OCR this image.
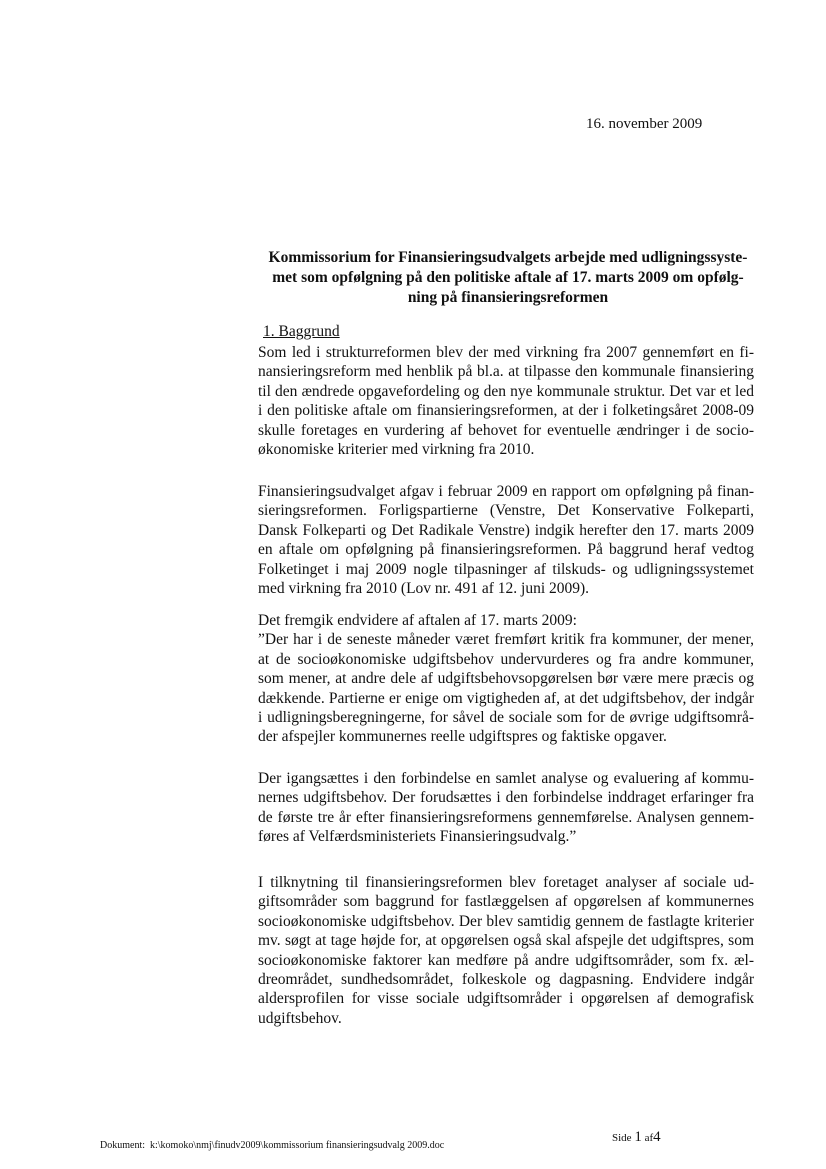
16. november 2009
Kommissorium for Finansieringsudvalgets arbejde med udligningssyste-
met som opfølgning på den politiske aftale af 17. marts 2009 om opfølg-
ning på finansieringsreformen
1. Baggrund
Som led i strukturreformen blev der med virkning fra 2007 gennemført en fi-
nansieringsreform med henblik på bl.a. at tilpasse den kommunale finansiering
til den ændrede opgavefordeling og den nye kommunale struktur. Det var et led
i den politiske aftale om finansieringsreformen, at der i folketingsåret 2008-09
skulle foretages en vurdering af behovet for eventuelle ændringer i de socio-
økonomiske kriterier med virkning fra 2010.
Finansieringsudvalget afgav i februar 2009 en rapport om opfølgning på finan-
sieringsreformen. Forligspartierne (Venstre, Det Konservative Folkeparti,
Dansk Folkeparti og Det Radikale Venstre) indgik herefter den 17. marts 2009
en aftale om opfølgning på finansieringsreformen. På baggrund heraf vedtog
Folketinget i maj 2009 nogle tilpasninger af tilskuds- og udligningssystemet
med virkning fra 2010 (Lov nr. 491 af 12. juni 2009).
Det fremgik endvidere af aftalen af 17. marts 2009:
”Der har i de seneste måneder været fremført kritik fra kommuner, der mener,
at de socioøkonomiske udgiftsbehov undervurderes og fra andre kommuner,
som mener, at andre dele af udgiftsbehovsopgørelsen bør være mere præcis og
dækkende. Partierne er enige om vigtigheden af, at det udgiftsbehov, der indgår
i udligningsberegningerne, for såvel de sociale som for de øvrige udgiftsområ-
der afspejler kommunernes reelle udgiftspres og faktiske opgaver.
Der igangsættes i den forbindelse en samlet analyse og evaluering af kommu-
nernes udgiftsbehov. Der forudsættes i den forbindelse inddraget erfaringer fra
de første tre år efter finansieringsreformens gennemførelse. Analysen gennem-
føres af Velfærdsministeriets Finansieringsudvalg.”
I tilknytning til finansieringsreformen blev foretaget analyser af sociale ud-
giftsområder som baggrund for fastlæggelsen af opgørelsen af kommunernes
socioøkonomiske udgiftsbehov. Der blev samtidig gennem de fastlagte kriterier
mv. søgt at tage højde for, at opgørelsen også skal afspejle det udgiftspres, som
socioøkonomiske faktorer kan medføre på andre udgiftsområder, som fx. æl-
dreområdet, sundhedsområdet, folkeskole og dagpasning. Endvidere indgår
aldersprofilen for visse sociale udgiftsområder i opgørelsen af demografisk
udgiftsbehov.
Dokument: k:\komoko\nmj\finudv2009\kommissorium finansieringsudvalg 2009.doc
Side 1 af4
